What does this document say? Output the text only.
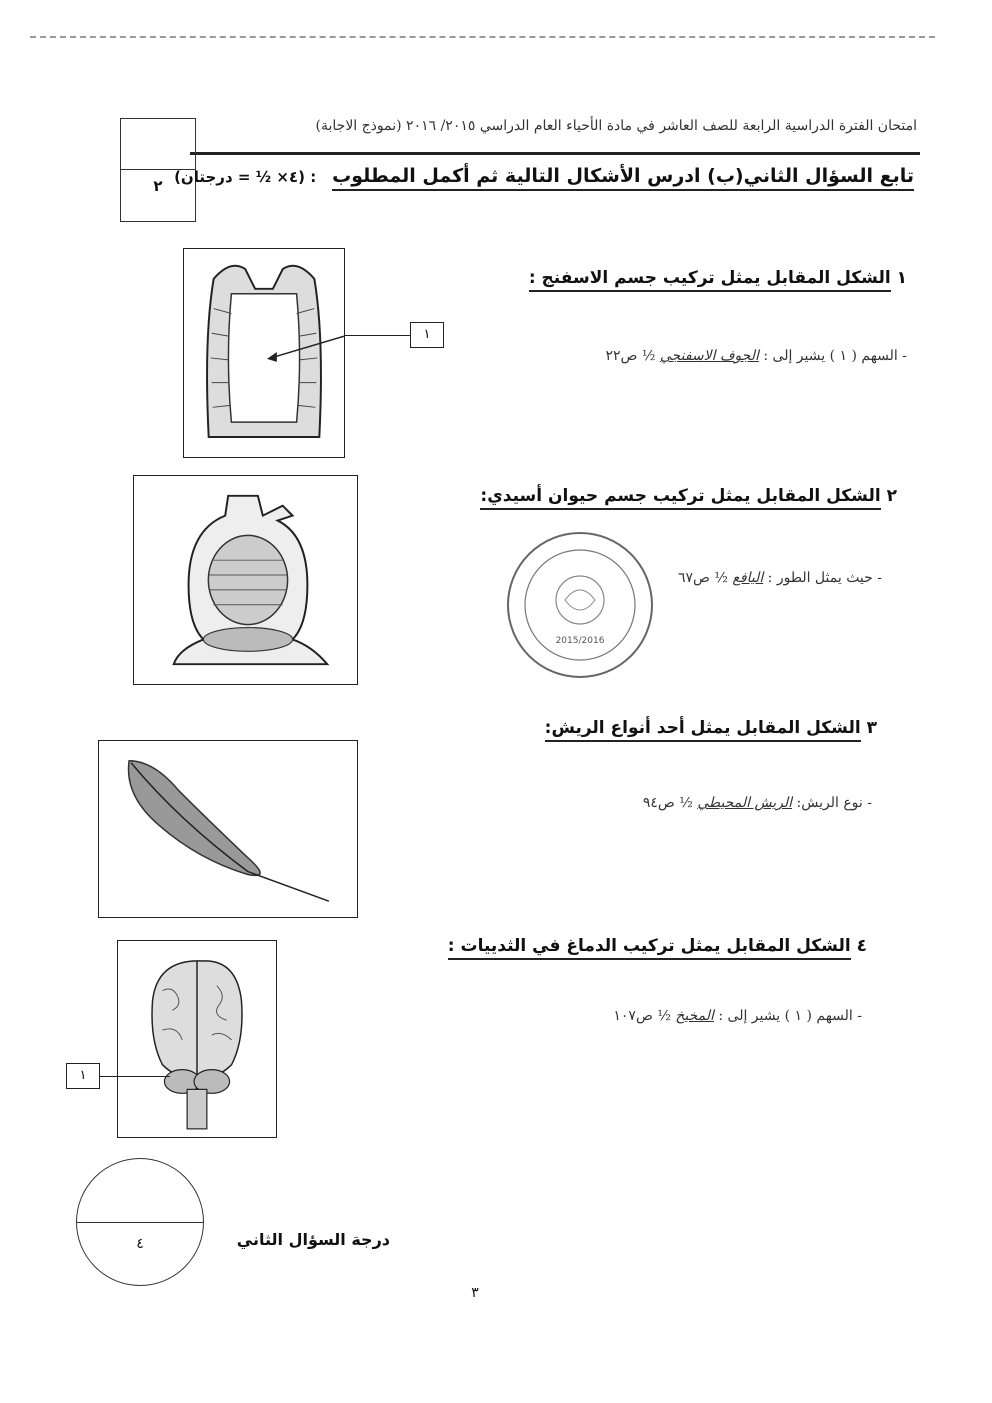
امتحان الفترة الدراسية الرابعة للصف العاشر في مادة الأحياء العام الدراسي ٢٠١٥/ ٢٠١٦ (نموذج الاجابة)
٢	تابع السؤال الثاني(ب) ادرس الأشكال التالية ثم أكمل المطلوب : (٤× ½ = درجتان)
١ الشكل المقابل يمثل تركيب جسم الاسفنج :
- السهم ( ١ ) يشير إلى : الجوف الاسفنجي ½ ص٢٢
١
٢ الشكل المقابل يمثل تركيب جسم حيوان أسيدي:
- حيث يمثل الطور : اليافع ½ ص٦٧
2015/2016
٣ الشكل المقابل يمثل أحد أنواع الريش:
- نوع الريش: الريش المحيطي ½ ص٩٤
٤ الشكل المقابل يمثل تركيب الدماغ في الثدييات :
- السهم ( ١ ) يشير إلى : المخيخ ½ ص١٠٧
١
٤	درجة السؤال الثاني
٣
